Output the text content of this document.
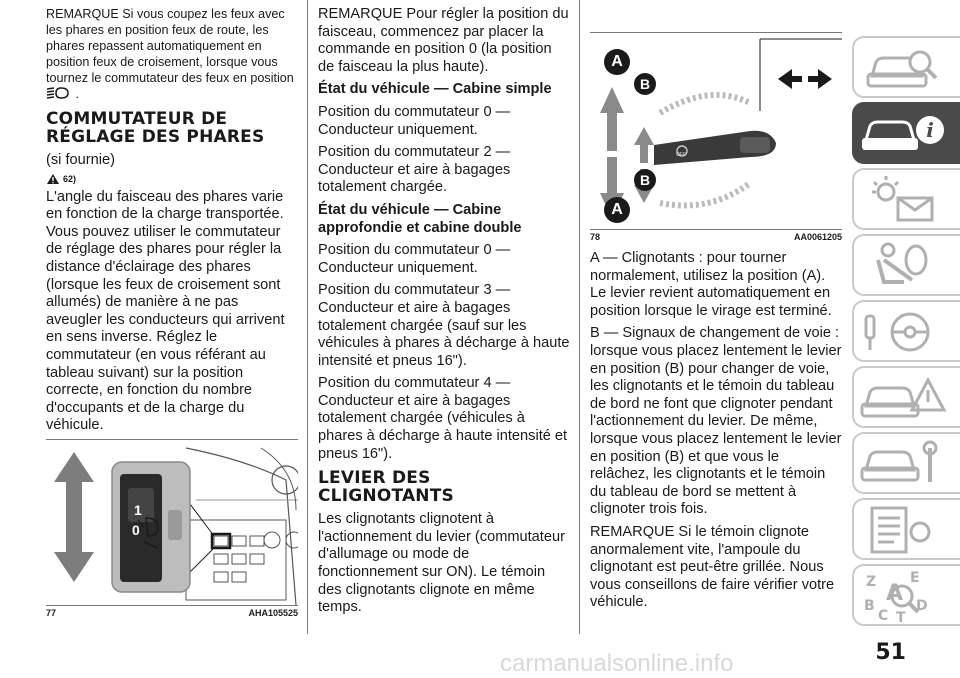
REMARQUE Si vous coupez les feux avec les phares en position feux de route, les phares repassent automatiquement en position feux de croisement, lorsque vous tournez le commutateur des feux en position  .

COMMUTATEUR DE
RÉGLAGE DES PHARES

(si fournie)

62)

L'angle du faisceau des phares varie en fonction de la charge transportée. Vous pouvez utiliser le commutateur de réglage des phares pour régler la distance d'éclairage des phares (lorsque les feux de croisement sont allumés) de manière à ne pas aveugler les conducteurs qui arrivent en sens inverse. Réglez le commutateur (en vous référant au tableau suivant) sur la position correcte, en fonction du nombre d'occupants et de la charge du véhicule.

1
0
77	AHA105525

REMARQUE Pour régler la position du faisceau, commencez par placer la commande en position 0 (la position de faisceau la plus haute).

État du véhicule — Cabine simple

Position du commutateur 0 — Conducteur uniquement.

Position du commutateur 2 — Conducteur et aire à bagages totalement chargée.

État du véhicule — Cabine approfondie et cabine double

Position du commutateur 0 — Conducteur uniquement.

Position du commutateur 3 — Conducteur et aire à bagages totalement chargée (sauf sur les véhicules à phares à décharge à haute intensité et pneus 16").

Position du commutateur 4 — Conducteur et aire à bagages totalement chargée (véhicules à phares à décharge à haute intensité et pneus 16").

LEVIER DES
CLIGNOTANTS

Les clignotants clignotent à l'actionnement du levier (commutateur d'allumage ou mode de fonctionnement sur ON). Le témoin des clignotants clignote en même temps.

A
B
B
A
OFF
78	AA0061205

A — Clignotants : pour tourner normalement, utilisez la position (A). Le levier revient automatiquement en position lorsque le virage est terminé.

B — Signaux de changement de voie : lorsque vous placez lentement le levier en position (B) pour changer de voie, les clignotants et le témoin du tableau de bord ne font que clignoter pendant l'actionnement du levier. De même, lorsque vous placez lentement le levier en position (B) et que vous le relâchez, les clignotants et le témoin du tableau de bord se mettent à clignoter trois fois.

REMARQUE Si le témoin clignote anormalement vite, l'ampoule du clignotant est peut-être grillée. Nous vous conseillons de faire vérifier votre véhicule.

i
Z E
B A
C
D
T
carmanualsonline.info	51
